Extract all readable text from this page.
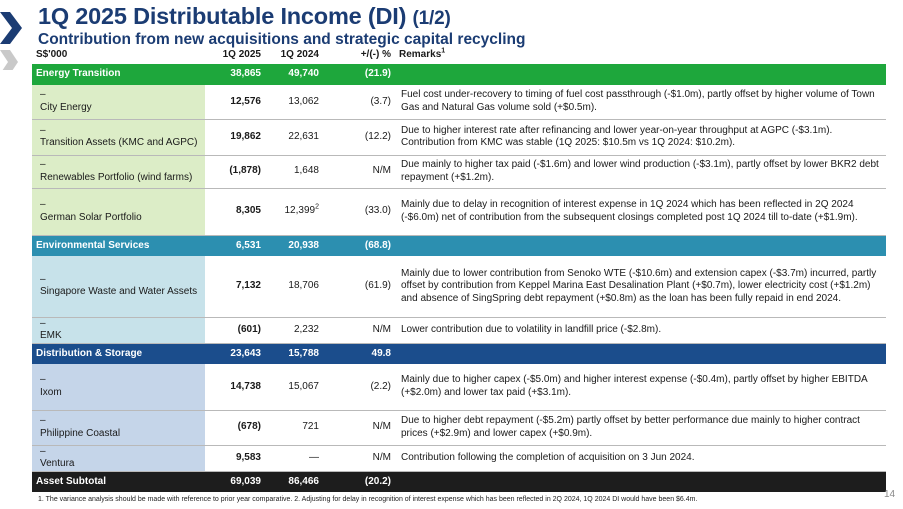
1Q 2025 Distributable Income (DI) (1/2)
Contribution from new acquisitions and strategic capital recycling
S$'000	1Q 2025	1Q 2024	+/(-) %	Remarks$^1$
Energy Transition	38,865	49,740	(21.9)	
–City Energy	12,576	13,062	(3.7)	Fuel cost under-recovery to timing of fuel cost passthrough (-$1.0m), partly offset by higher volume of Town Gas and Natural Gas volume sold (+$0.5m).
–Transition Assets (KMC and AGPC)	19,862	22,631	(12.2)	Due to higher interest rate after refinancing and lower year-on-year throughput at AGPC (-$3.1m). Contribution from KMC was stable (1Q 2025: $10.5m vs 1Q 2024: $10.2m).
–Renewables Portfolio (wind farms)	(1,878)	1,648	N/M	Due mainly to higher tax paid (-$1.6m) and lower wind production (-$3.1m), partly offset by lower BKR2 debt repayment (+$1.2m).
–German Solar Portfolio	8,305	12,399$^2$	(33.0)	Mainly due to delay in recognition of interest expense in 1Q 2024 which has been reflected in 2Q 2024 (-$6.0m) net of contribution from the subsequent closings completed post 1Q 2024 till to-date (+$1.9m).
Environmental Services	6,531	20,938	(68.8)	
–Singapore Waste and Water Assets	7,132	18,706	(61.9)	Mainly due to lower contribution from Senoko WTE (-$10.6m) and extension capex (-$3.7m) incurred, partly offset by contribution from Keppel Marina East Desalination Plant (+$0.7m), lower electricity cost (+$1.2m) and absence of SingSpring debt repayment (+$0.8m) as the loan has been fully repaid in end 2024.
–EMK	(601)	2,232	N/M	Lower contribution due to volatility in landfill price (-$2.8m).
Distribution & Storage	23,643	15,788	49.8	
–Ixom	14,738	15,067	(2.2)	Mainly due to higher capex (-$5.0m) and higher interest expense (-$0.4m), partly offset by higher EBITDA (+$2.0m) and lower tax paid (+$3.1m).
–Philippine Coastal	(678)	721	N/M	Due to higher debt repayment (-$5.2m) partly offset by better performance due mainly to higher contract prices (+$2.9m) and lower capex (+$0.9m).
–Ventura	9,583	—	N/M	Contribution following the completion of acquisition on 3 Jun 2024.
Asset Subtotal	69,039	86,466	(20.2)	
1. The variance analysis should be made with reference to prior year comparative. 2. Adjusting for delay in recognition of interest expense which has been reflected in 2Q 2024, 1Q 2024 DI would have been $6.4m.	14
